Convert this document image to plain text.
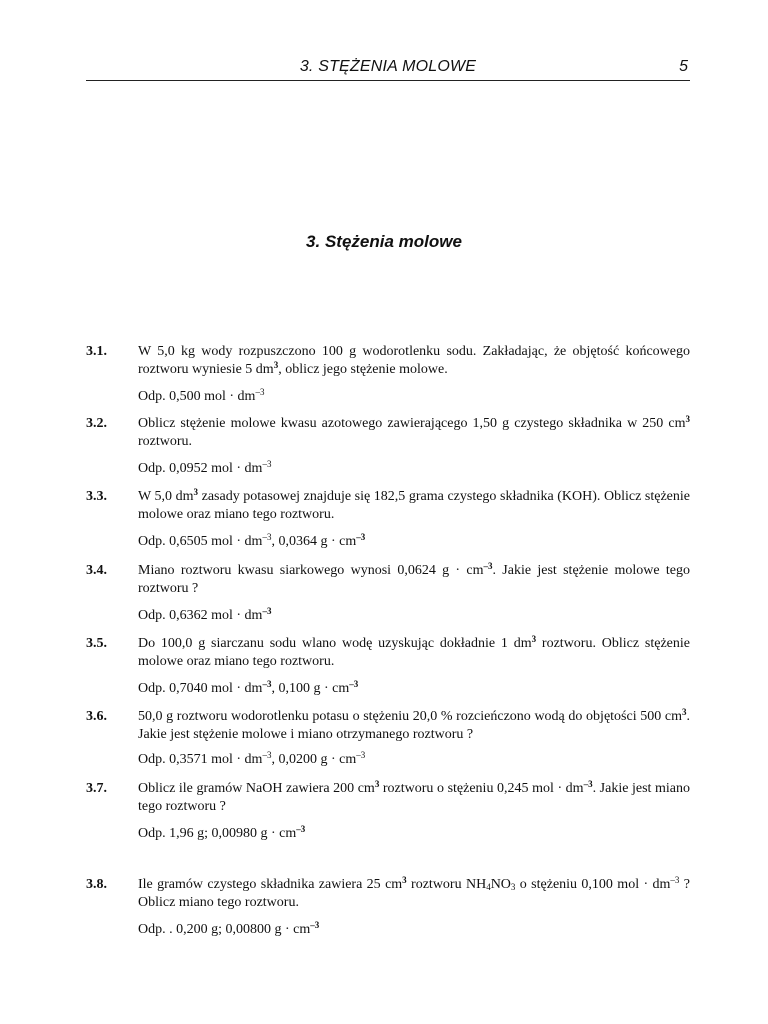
3. STĘŻENIA MOLOWE	5
3. Stężenia molowe
3.1. W 5,0 kg wody rozpuszczono 100 g wodorotlenku sodu. Zakładając, że objętość końcowego roztworu wyniesie 5 $dm^3$, oblicz jego stężenie molowe.
Odp. 0,500 mol · $dm^{-3}$
3.2. Oblicz stężenie molowe kwasu azotowego zawierającego 1,50 g czystego składnika w 250 $cm^3$ roztworu.
Odp. 0,0952 mol · $dm^{-3}$
3.3. W 5,0 $dm^3$ zasady potasowej znajduje się 182,5 grama czystego składnika (KOH). Oblicz stężenie molowe oraz miano tego roztworu.
Odp. 0,6505 mol · $dm^{-3}$, 0,0364 $g \cdot cm^{-3}$
3.4. Miano roztworu kwasu siarkowego wynosi 0,0624 $g \cdot cm^{-3}$. Jakie jest stężenie molowe tego roztworu ?
Odp. 0,6362 mol · $dm^{-3}$
3.5. Do 100,0 g siarczanu sodu wlano wodę uzyskując dokładnie 1 $dm^3$ roztworu. Oblicz stężenie molowe oraz miano tego roztworu.
Odp. 0,7040 mol · $dm^{-3}$, 0,100 $g \cdot cm^{-3}$
3.6. 50,0 g roztworu wodorotlenku potasu o stężeniu 20,0 % rozcieńczono wodą do objętości 500 $cm^3$. Jakie jest stężenie molowe i miano otrzymanego roztworu ?
Odp. 0,3571 mol · $dm^{-3}$, 0,0200 $g \cdot cm^{-3}$
3.7. Oblicz ile gramów NaOH zawiera 200 $cm^3$ roztworu o stężeniu 0,245 mol · $dm^{-3}$. Jakie jest miano tego roztworu ?
Odp. 1,96 g; 0,00980 $g \cdot cm^{-3}$
3.8. Ile gramów czystego składnika zawiera 25 $cm^3$ roztworu $NH_4NO_3$ o stężeniu 0,100 mol · $dm^{-3}$ ? Oblicz miano tego roztworu.
Odp. . 0,200 g; 0,00800 $g \cdot cm^{-3}$
